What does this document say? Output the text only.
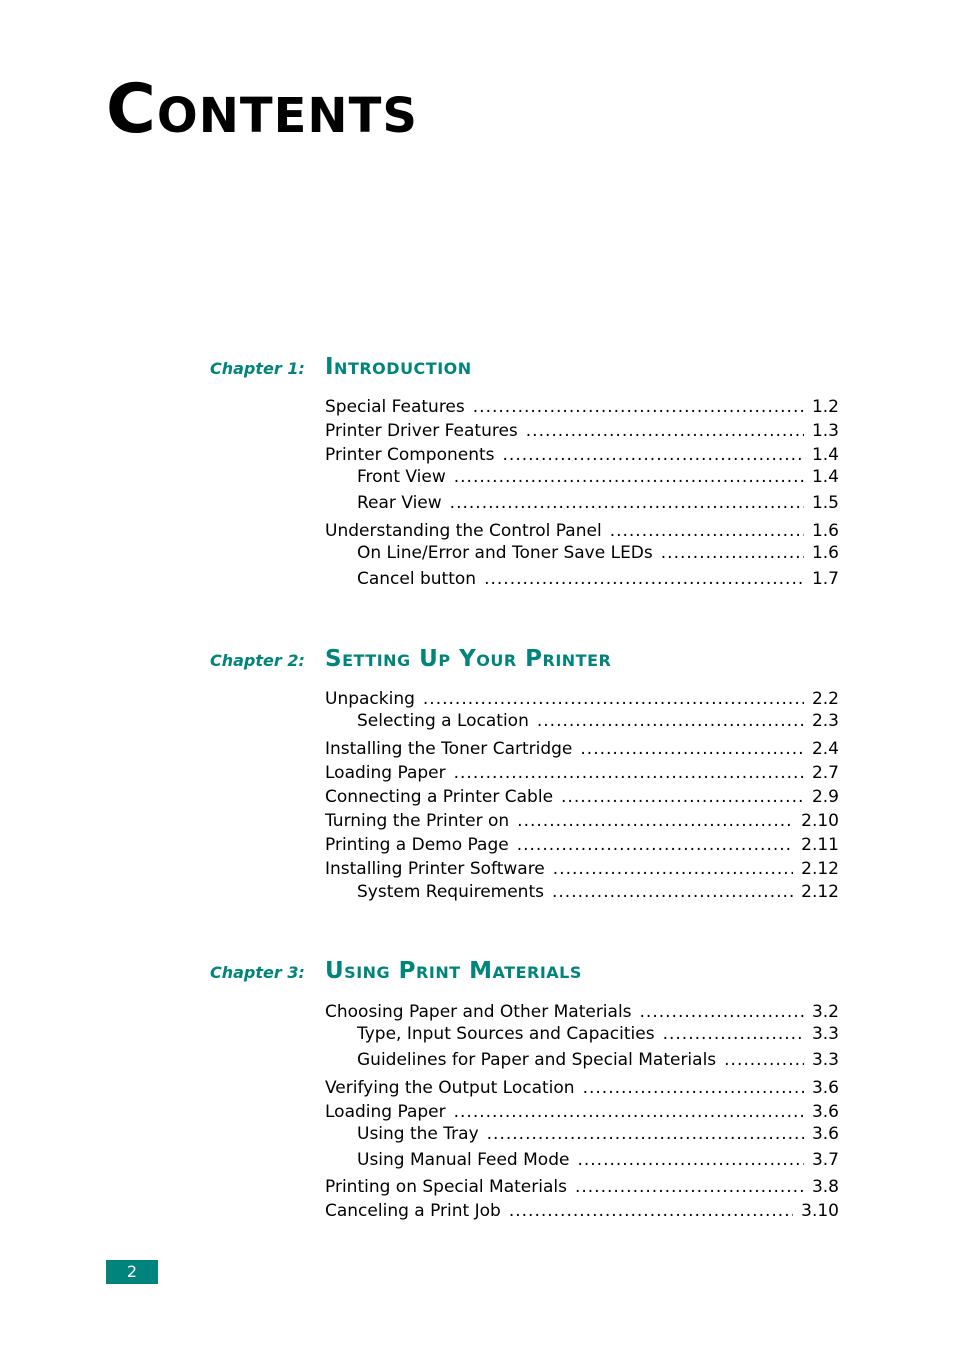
CONTENTS
Chapter 1: Introduction
Special Features .....	1.2
Printer Driver Features .....	1.3
Printer Components .....	1.4
Front View .....	1.4
Rear View .....	1.5
Understanding the Control Panel .....	1.6
On Line/Error and Toner Save LEDs .....	1.6
Cancel button .....	1.7
Chapter 2: Setting Up Your Printer
Unpacking .....	2.2
Selecting a Location .....	2.3
Installing the Toner Cartridge .....	2.4
Loading Paper .....	2.7
Connecting a Printer Cable .....	2.9
Turning the Printer on .....	2.10
Printing a Demo Page .....	2.11
Installing Printer Software .....	2.12
System Requirements .....	2.12
Chapter 3: Using Print Materials
Choosing Paper and Other Materials .....	3.2
Type, Input Sources and Capacities .....	3.3
Guidelines for Paper and Special Materials .....	3.3
Verifying the Output Location .....	3.6
Loading Paper .....	3.6
Using the Tray .....	3.6
Using Manual Feed Mode .....	3.7
Printing on Special Materials .....	3.8
Canceling a Print Job .....	3.10
2
